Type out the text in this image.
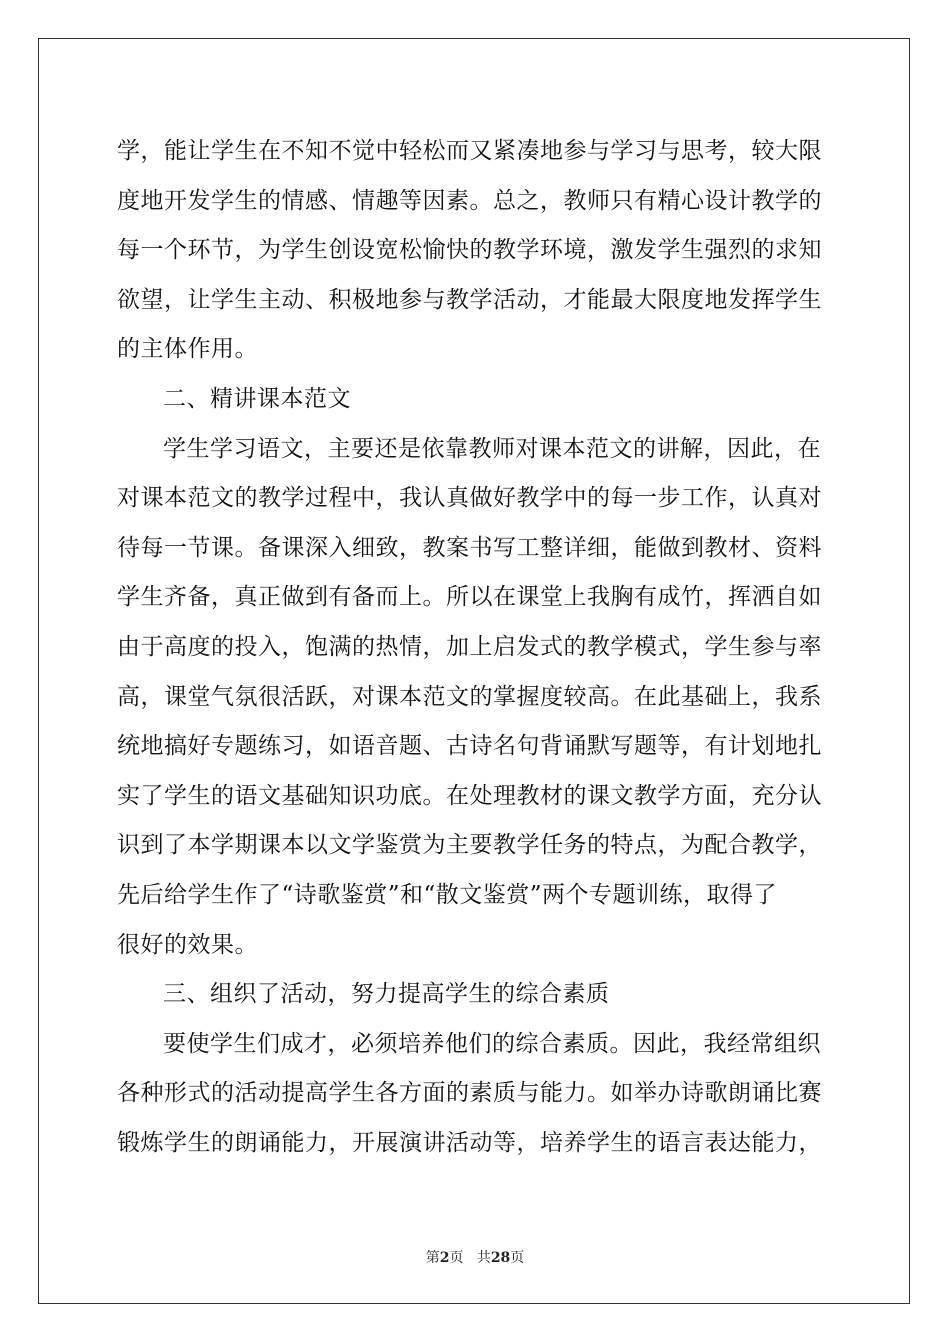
学，能让学生在不知不觉中轻松而又紧凑地参与学习与思考，较大限
度地开发学生的情感、情趣等因素。总之，教师只有精心设计教学的
每一个环节，为学生创设宽松愉快的教学环境，激发学生强烈的求知
欲望，让学生主动、积极地参与教学活动，才能最大限度地发挥学生
的主体作用。
二、精讲课本范文
学生学习语文，主要还是依靠教师对课本范文的讲解，因此，在
对课本范文的教学过程中，我认真做好教学中的每一步工作，认真对
待每一节课。备课深入细致，教案书写工整详细，能做到教材、资料
学生齐备，真正做到有备而上。所以在课堂上我胸有成竹，挥洒自如
由于高度的投入，饱满的热情，加上启发式的教学模式，学生参与率
高，课堂气氛很活跃，对课本范文的掌握度较高。在此基础上，我系
统地搞好专题练习，如语音题、古诗名句背诵默写题等，有计划地扎
实了学生的语文基础知识功底。在处理教材的课文教学方面，充分认
识到了本学期课本以文学鉴赏为主要教学任务的特点，为配合教学，
先后给学生作了“诗歌鉴赏”和“散文鉴赏”两个专题训练，取得了
很好的效果。
三、组织了活动，努力提高学生的综合素质
要使学生们成才，必须培养他们的综合素质。因此，我经常组织
各种形式的活动提高学生各方面的素质与能力。如举办诗歌朗诵比赛
锻炼学生的朗诵能力，开展演讲活动等，培养学生的语言表达能力，
第2页 共28页
